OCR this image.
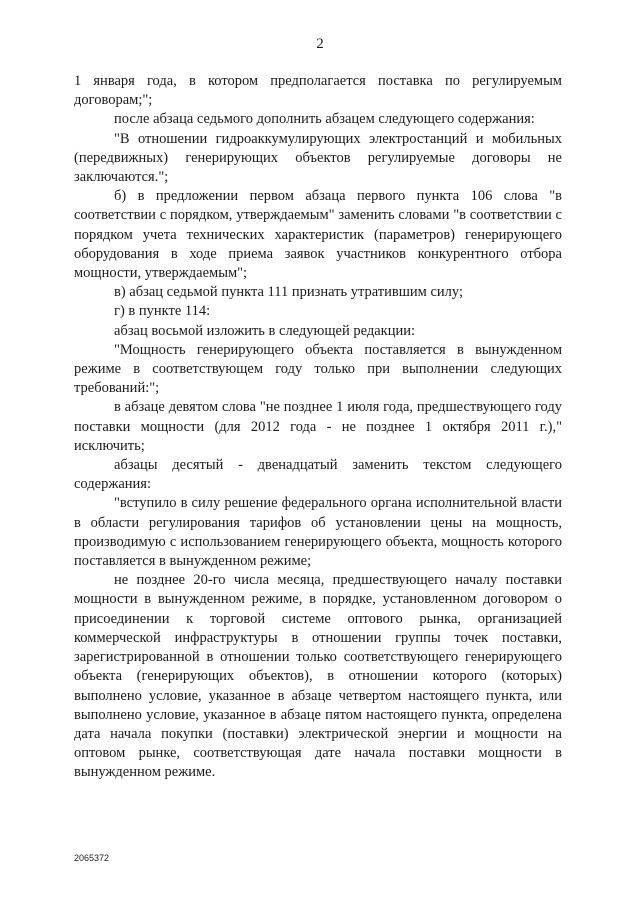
2

1 января года, в котором предполагается поставка по регулируемым договорам;";

после абзаца седьмого дополнить абзацем следующего содержания:

"В отношении гидроаккумулирующих электростанций и мобильных (передвижных) генерирующих объектов регулируемые договоры не заключаются.";

б) в предложении первом абзаца первого пункта 106 слова "в соответствии с порядком, утверждаемым" заменить словами "в соответствии с порядком учета технических характеристик (параметров) генерирующего оборудования в ходе приема заявок участников конкурентного отбора мощности, утверждаемым";

в) абзац седьмой пункта 111 признать утратившим силу;

г) в пункте 114:

абзац восьмой изложить в следующей редакции:

"Мощность генерирующего объекта поставляется в вынужденном режиме в соответствующем году только при выполнении следующих требований:";

в абзаце девятом слова "не позднее 1 июля года, предшествующего году поставки мощности (для 2012 года - не позднее 1 октября 2011 г.)," исключить;

абзацы десятый - двенадцатый заменить текстом следующего содержания:

"вступило в силу решение федерального органа исполнительной власти в области регулирования тарифов об установлении цены на мощность, производимую с использованием генерирующего объекта, мощность которого поставляется в вынужденном режиме;

не позднее 20-го числа месяца, предшествующего началу поставки мощности в вынужденном режиме, в порядке, установленном договором о присоединении к торговой системе оптового рынка, организацией коммерческой инфраструктуры в отношении группы точек поставки, зарегистрированной в отношении только соответствующего генерирующего объекта (генерирующих объектов), в отношении которого (которых) выполнено условие, указанное в абзаце четвертом настоящего пункта, или выполнено условие, указанное в абзаце пятом настоящего пункта, определена дата начала покупки (поставки) электрической энергии и мощности на оптовом рынке, соответствующая дате начала поставки мощности в вынужденном режиме.

2065372
